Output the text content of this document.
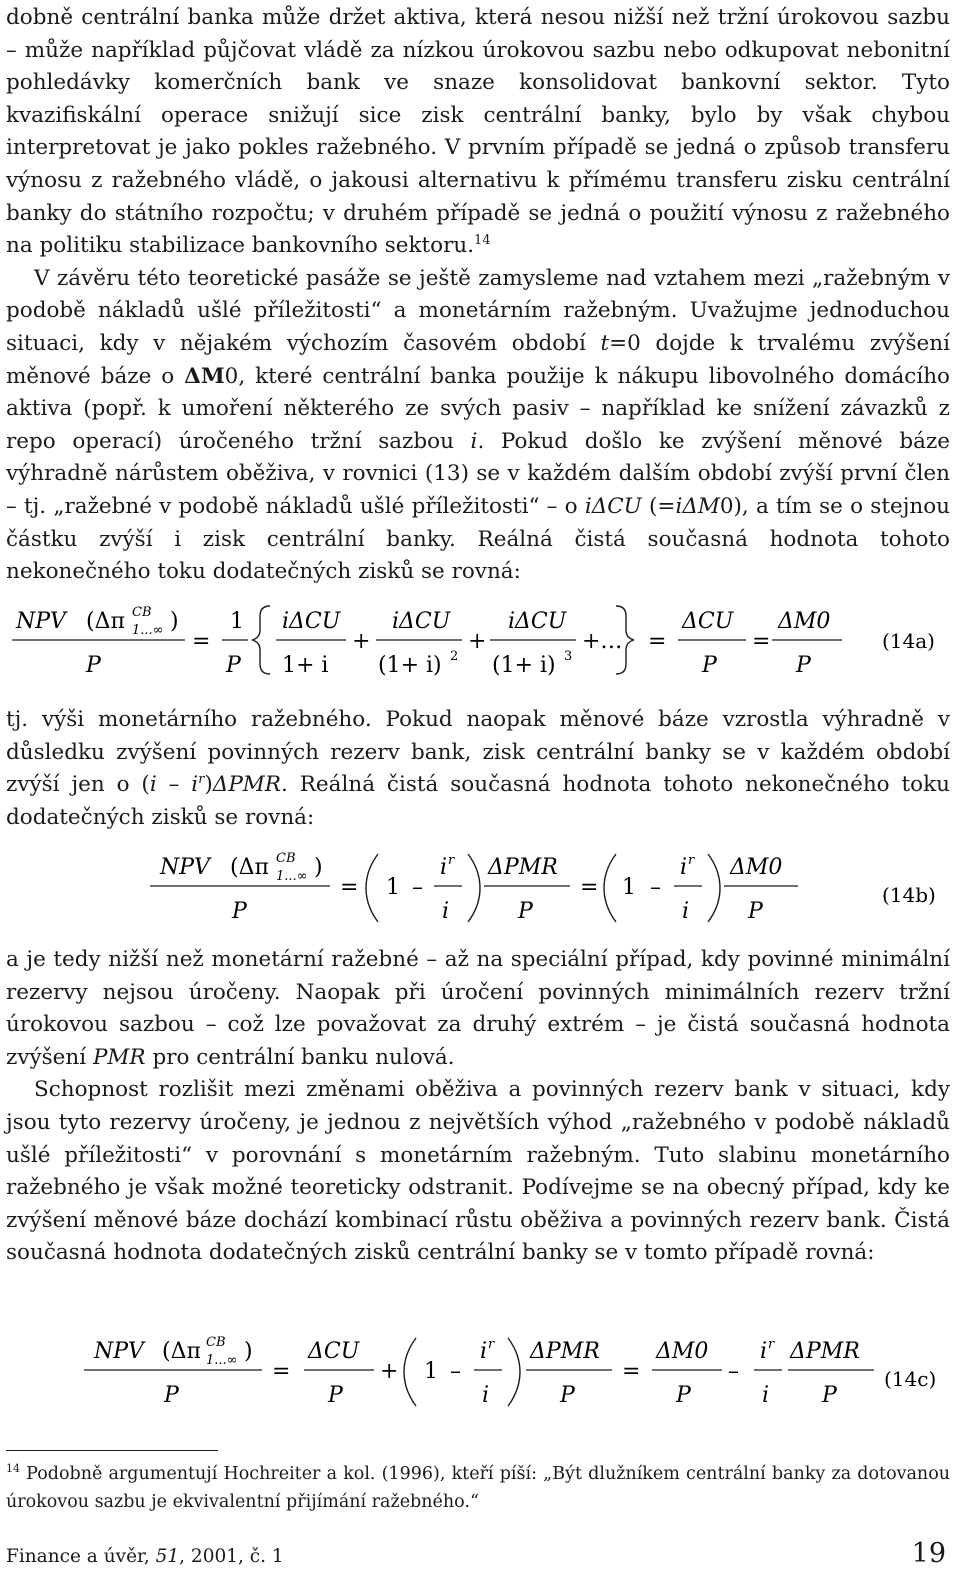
dobně centrální banka může držet aktiva, která nesou nižší než tržní úrokovou sazbu – může například půjčovat vládě za nízkou úrokovou sazbu nebo odkupovat nebonitní pohledávky komerčních bank ve snaze konsolidovat bankovní sektor. Tyto kvazifiskální operace snižují sice zisk centrální banky, bylo by však chybou interpretovat je jako pokles ražebného. V prvním případě se jedná o způsob transferu výnosu z ražebného vládě, o jakousi alternativu k přímému transferu zisku centrální banky do státního rozpočtu; v druhém případě se jedná o použití výnosu z ražebného na politiku stabilizace bankovního sektoru.$^{14}$

V závěru této teoretické pasáže se ještě zamysleme nad vztahem mezi „ražebným v podobě nákladů ušlé příležitosti“ a monetárním ražebným. Uvažujme jednoduchou situaci, kdy v nějakém výchozím časovém období t=0 dojde k trvalému zvýšení měnové báze o ΔM0, které centrální banka použije k nákupu libovolného domácího aktiva (popř. k umoření některého ze svých pasiv – například ke snížení závazků z repo operací) úročeného tržní sazbou i. Pokud došlo ke zvýšení měnové báze výhradně nárůstem oběživa, v rovnici (13) se v každém dalším období zvýší první člen – tj. „ražebné v podobě nákladů ušlé příležitosti“ – o iΔCU (=iΔM0), a tím se o stejnou částku zvýší i zisk centrální banky. Reálná čistá současná hodnota tohoto nekonečného toku dodatečných zisků se rovná:

NPV (Δπ 1...∞
CB )
P
=
1
P
iΔCU
1+ i
+
iΔCU
(1+ i) 2
+
iΔCU
(1+ i) 3
+… =
ΔCU
P
=
ΔM0
P
(14a)

tj. výši monetárního ražebného. Pokud naopak měnové báze vzrostla výhradně v důsledku zvýšení povinných rezerv bank, zisk centrální banky se v každém období zvýší jen o $(i - i^r)\Delta PMR$. Reálná čistá současná hodnota tohoto nekonečného toku dodatečných zisků se rovná:

NPV (Δπ 1...∞
CB )
P
= 1 –
i r
i
ΔPMR
P
= 1 –
i r
i
ΔM0
P
(14b)

a je tedy nižší než monetární ražebné – až na speciální případ, kdy povinné minimální rezervy nejsou úročeny. Naopak při úročení povinných minimálních rezerv tržní úrokovou sazbou – což lze považovat za druhý extrém – je čistá současná hodnota zvýšení PMR pro centrální banku nulová.

Schopnost rozlišit mezi změnami oběživa a povinných rezerv bank v situaci, kdy jsou tyto rezervy úročeny, je jednou z největších výhod „ražebného v podobě nákladů ušlé příležitosti“ v porovnání s monetárním ražebným. Tuto slabinu monetárního ražebného je však možné teoreticky odstranit. Podívejme se na obecný případ, kdy ke zvýšení měnové báze dochází kombinací růstu oběživa a povinných rezerv bank. Čistá současná hodnota dodatečných zisků centrální banky se v tomto případě rovná:

NPV (Δπ 1...∞
CB )
P
=
ΔCU
P
+ 1 –
i r
i
ΔPMR
P
=
ΔM0
P
–
i r
i
ΔPMR
P
(14c)
$^{14}$ Podobně argumentují Hochreiter a kol. (1996), kteří píší: „Být dlužníkem centrální banky za dotovanou úrokovou sazbu je ekvivalentní přijímání ražebného.“
Finance a úvěr, 51, 2001, č. 1	19
